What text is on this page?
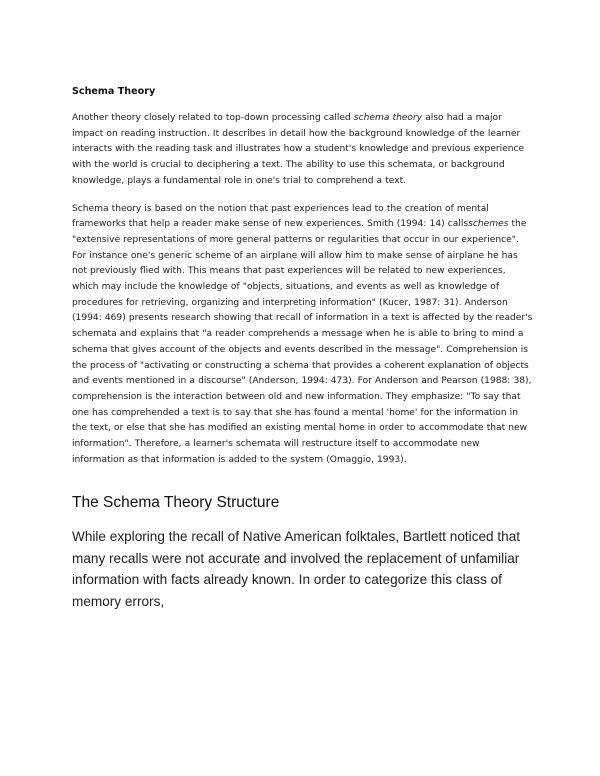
Schema Theory

Another theory closely related to top-down processing called schema theory also had a major impact on reading instruction. It describes in detail how the background knowledge of the learner interacts with the reading task and illustrates how a student's knowledge and previous experience with the world is crucial to deciphering a text. The ability to use this schemata, or background knowledge, plays a fundamental role in one's trial to comprehend a text.

Schema theory is based on the notion that past experiences lead to the creation of mental frameworks that help a reader make sense of new experiences. Smith (1994: 14) callsschemes the "extensive representations of more general patterns or regularities that occur in our experience". For instance one's generic scheme of an airplane will allow him to make sense of airplane he has not previously flied with. This means that past experiences will be related to new experiences, which may include the knowledge of "objects, situations, and events as well as knowledge of procedures for retrieving, organizing and interpreting information" (Kucer, 1987: 31). Anderson (1994: 469) presents research showing that recall of information in a text is affected by the reader's schemata and explains that "a reader comprehends a message when he is able to bring to mind a schema that gives account of the objects and events described in the message". Comprehension is the process of "activating or constructing a schema that provides a coherent explanation of objects and events mentioned in a discourse" (Anderson, 1994: 473). For Anderson and Pearson (1988: 38), comprehension is the interaction between old and new information. They emphasize: "To say that one has comprehended a text is to say that she has found a mental 'home' for the information in the text, or else that she has modified an existing mental home in order to accommodate that new information". Therefore, a learner's schemata will restructure itself to accommodate new information as that information is added to the system (Omaggio, 1993).

The Schema Theory Structure

While exploring the recall of Native American folktales, Bartlett noticed that many recalls were not accurate and involved the replacement of unfamiliar information with facts already known. In order to categorize this class of memory errors,
